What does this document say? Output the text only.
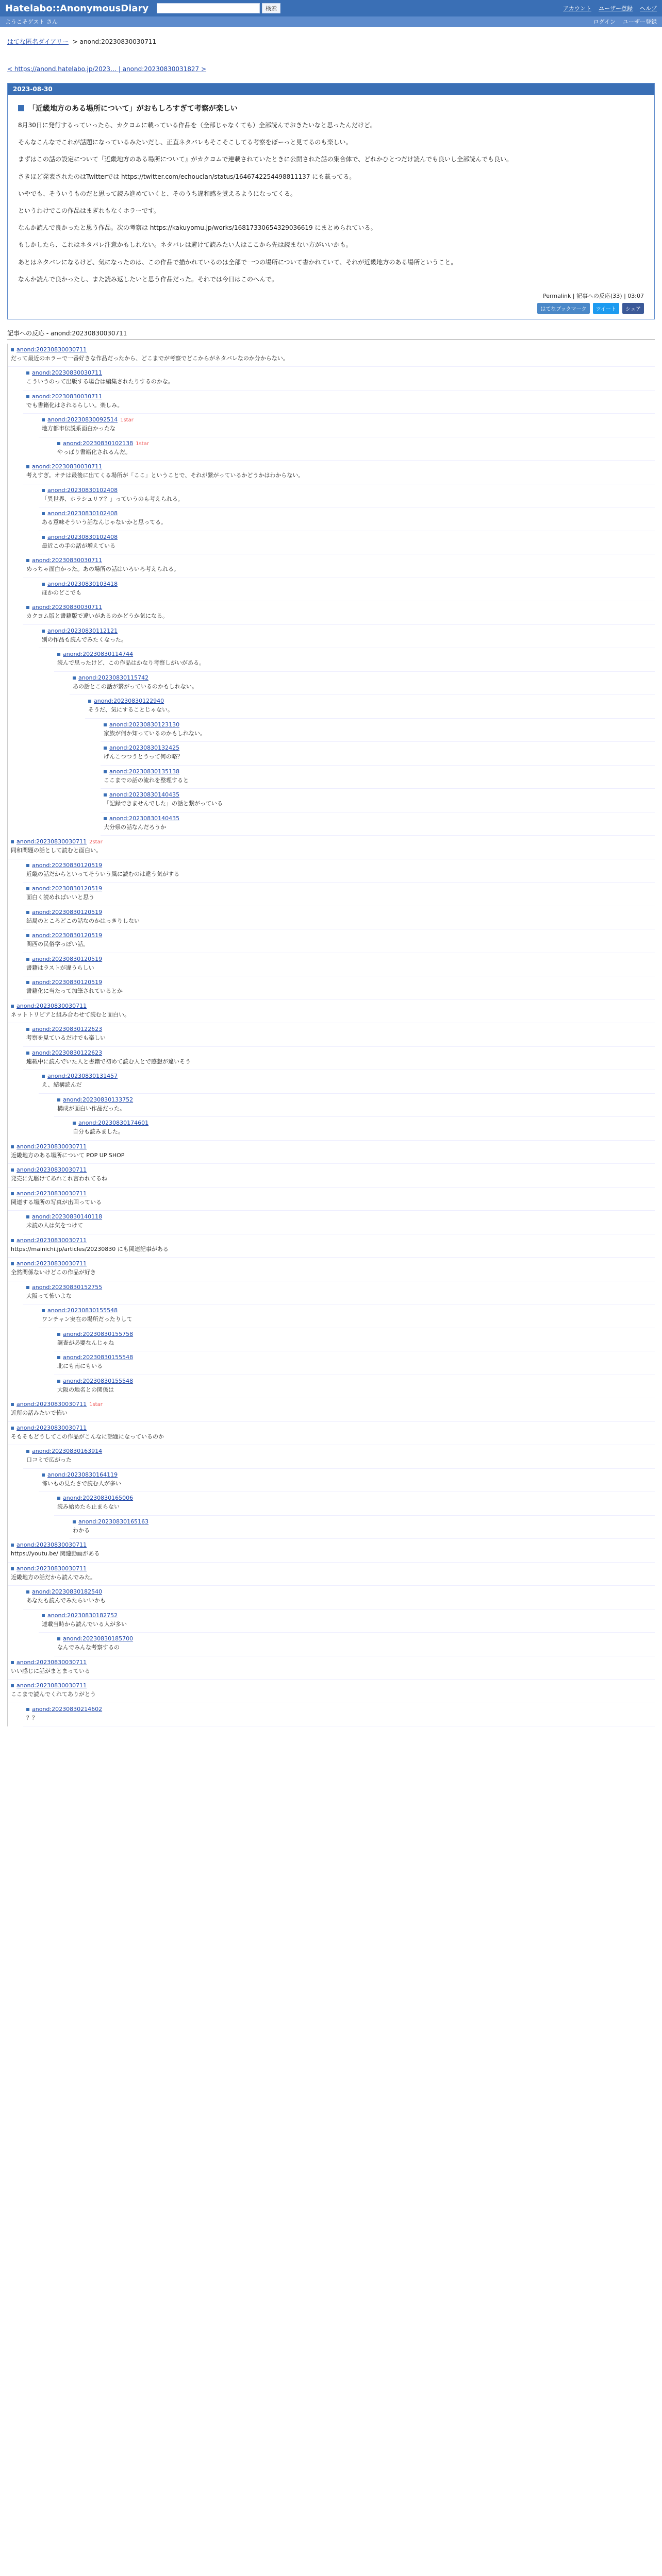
Hatelabo::AnonymousDiary	検索	アカウント ユーザー登録 ヘルプ
ようこそゲスト さん	ログイン ユーザー登録
はてな匿名ダイアリー > anond:20230830030711
< https://anond.hatelabo.jp/2023… | anond:20230830031827 >
2023-08-30
「近畿地方のある場所について」がおもしろすぎて考察が楽しい

8月30日に発行するっていったら、カクヨムに載っている作品を（全部じゃなくても）全部読んでおきたいなと思ったんだけど。

そんなこんなでこれが話題になっているみたいだし、正直ネタバレもそこそこしてる考察をぼーっと見てるのも楽しい。

まずはこの話の設定について『近畿地方のある場所について』がカクヨムで連載されていたときに公開された話の集合体で、どれかひとつだけ読んでも良いし全部読んでも良い。

さきほど発表されたのはTwitterでは https://twitter.com/echouclan/status/1646742254498811137 にも載ってる。

いやでも、そういうものだと思って読み進めていくと、そのうち違和感を覚えるようになってくる。

というわけでこの作品はまぎれもなくホラーです。

なんか読んで良かったと思う作品。次の考察は https://kakuyomu.jp/works/16817330654329036619 にまとめられている。

もしかしたら、これはネタバレ注意かもしれない。ネタバレは避けて読みたい人はここから先は読まない方がいいかも。

あとはネタバレになるけど、気になったのは、この作品で描かれているのは全部で一つの場所について書かれていて、それが近畿地方のある場所ということ。

なんか読んで良かったし、また読み返したいと思う作品だった。それでは今日はこのへんで。

Permalink | 記事への反応(33) | 03:07
はてなブックマーク	ツイート	シェア
記事への反応 - anond:20230830030711
anond:20230830030711
だって最近のホラーで一番好きな作品だったから、どこまでが考察でどこからがネタバレなのか分からない。
anond:20230830030711
こういうのって出版する場合は編集されたりするのかな。
anond:20230830030711
でも書籍化はされるらしい。楽しみ。
anond:20230830092514 1star
地方都市伝説系面白かったな
anond:20230830102138 1star
やっぱり書籍化されるんだ。
anond:20230830030711
考えすぎ。オチは最後に出てくる場所が「ここ」ということで、それが繋がっているかどうかはわからない。
anond:20230830102408
「異世界、ホラシュリア？」っていうのも考えられる。
anond:20230830102408
ある意味そういう話なんじゃないかと思ってる。
anond:20230830102408
最近この手の話が増えている
anond:20230830030711
めっちゃ面白かった。あの場所の話はいろいろ考えられる。
anond:20230830103418
ほかのどこでも
anond:20230830030711
カクヨム版と書籍版で違いがあるのかどうか気になる。
anond:20230830112121
別の作品も読んでみたくなった。
anond:20230830114744
読んで思ったけど、この作品はかなり考察しがいがある。
anond:20230830115742
あの話とこの話が繋がっているのかもしれない。
anond:20230830122940
そうだ、気にすることじゃない。
anond:20230830123130
家族が何か知っているのかもしれない。
anond:20230830132425
げんこつつうとうって何の略？
anond:20230830135138
ここまでの話の流れを整理すると
anond:20230830140435
「記録できませんでした」の話と繋がっている
anond:20230830140435
大分県の話なんだろうか
anond:20230830030711 2star
同和問題の話として読むと面白い。
anond:20230830120519
近畿の話だからといってそういう風に読むのは違う気がする
anond:20230830120519
面白く読めればいいと思う
anond:20230830120519
結局のところどこの話なのかはっきりしない
anond:20230830120519
関西の民俗学っぽい話。
anond:20230830120519
書籍はラストが違うらしい
anond:20230830120519
書籍化に当たって加筆されているとか
anond:20230830030711
ネットトリビアと組み合わせて読むと面白い。
anond:20230830122623
考察を見ているだけでも楽しい
anond:20230830122623
連載中に読んでいた人と書籍で初めて読む人とで感想が違いそう
anond:20230830131457
え、結構読んだ
anond:20230830133752
構成が面白い作品だった。
anond:20230830174601
自分も読みました。
anond:20230830030711
近畿地方のある場所について POP UP SHOP
anond:20230830030711
発売に先駆けてあれこれ言われてるね
anond:20230830030711
関連する場所の写真が出回っている
anond:20230830140118
未読の人は気をつけて
anond:20230830030711
https://mainichi.jp/articles/20230830 にも関連記事がある
anond:20230830030711
全然関係ないけどこの作品が好き
anond:20230830152755
大阪って怖いよな
anond:20230830155548
ワンチャン実在の場所だったりして
anond:20230830155758
調査が必要なんじゃね
anond:20230830155548
北にも南にもいる
anond:20230830155548
大阪の地名との関係は
anond:20230830030711 1star
近所の話みたいで怖い
anond:20230830030711
そもそもどうしてこの作品がこんなに話題になっているのか
anond:20230830163914
口コミで広がった
anond:20230830164119
怖いもの見たさで読む人が多い
anond:20230830165006
読み始めたら止まらない
anond:20230830165163
わかる
anond:20230830030711
https://youtu.be/ 関連動画がある
anond:20230830030711
近畿地方の話だから読んでみた。
anond:20230830182540
あなたも読んでみたらいいかも
anond:20230830182752
連載当時から読んでいる人が多い
anond:20230830185700
なんでみんな考察するの
anond:20230830030711
いい感じに話がまとまっている
anond:20230830030711
ここまで読んでくれてありがとう
anond:20230830214602
？？
